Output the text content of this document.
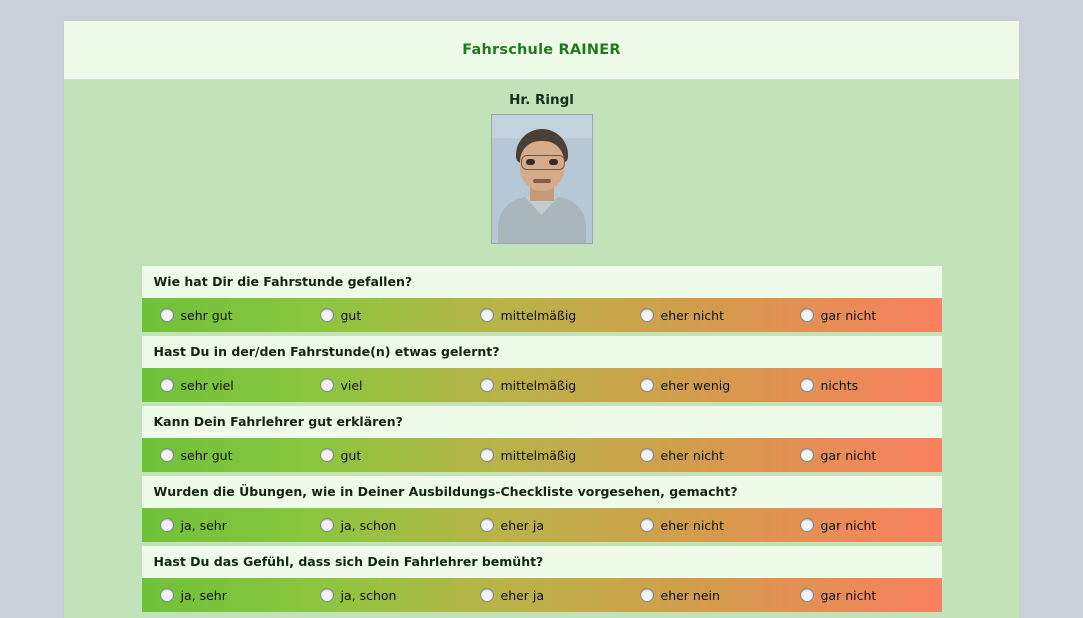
Fahrschule RAINER
Hr. Ringl
Wie hat Dir die Fahrstunde gefallen?
sehr gut	gut	mittelmäßig	eher nicht	gar nicht
Hast Du in der/den Fahrstunde(n) etwas gelernt?
sehr viel	viel	mittelmäßig	eher wenig	nichts
Kann Dein Fahrlehrer gut erklären?
sehr gut	gut	mittelmäßig	eher nicht	gar nicht
Wurden die Übungen, wie in Deiner Ausbildungs-Checkliste vorgesehen, gemacht?
ja, sehr	ja, schon	eher ja	eher nicht	gar nicht
Hast Du das Gefühl, dass sich Dein Fahrlehrer bemüht?
ja, sehr	ja, schon	eher ja	eher nein	gar nicht
